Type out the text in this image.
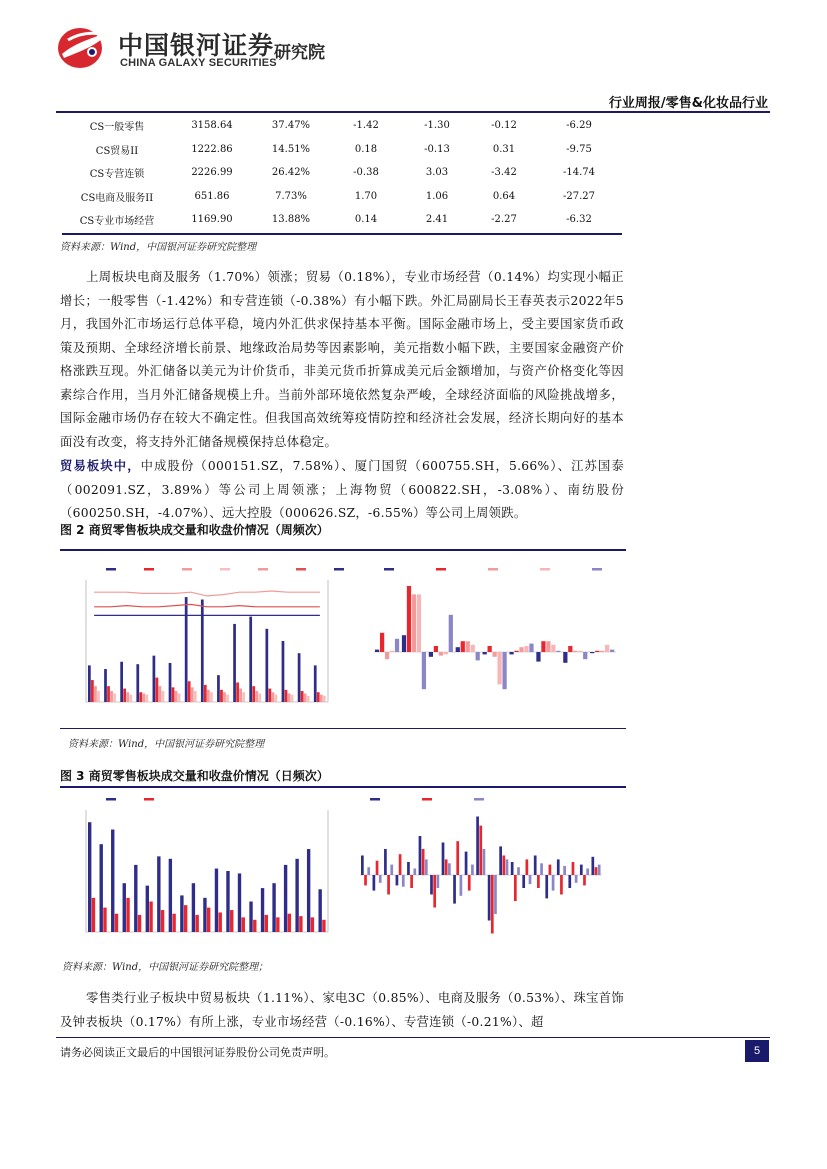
中国银河证券
CHINA GALAXY SECURITIES
研究院
行业周报/零售&化妆品行业
CS一般零售	3158.64	37.47%	-1.42	-1.30	-0.12	-6.29
CS贸易II	1222.86	14.51%	0.18	-0.13	0.31	-9.75
CS专营连锁	2226.99	26.42%	-0.38	3.03	-3.42	-14.74
CS电商及服务II	651.86	7.73%	1.70	1.06	0.64	-27.27
CS专业市场经营	1169.90	13.88%	0.14	2.41	-2.27	-6.32
资料来源：Wind，中国银河证券研究院整理

上周板块电商及服务（1.70%）领涨；贸易（0.18%），专业市场经营（0.14%）均实现小幅正增长；一般零售（-1.42%）和专营连锁（-0.38%）有小幅下跌。外汇局副局长王春英表示2022年5月，我国外汇市场运行总体平稳，境内外汇供求保持基本平衡。国际金融市场上，受主要国家货币政策及预期、全球经济增长前景、地缘政治局势等因素影响，美元指数小幅下跌，主要国家金融资产价格涨跌互现。外汇储备以美元为计价货币，非美元货币折算成美元后金额增加，与资产价格变化等因素综合作用，当月外汇储备规模上升。当前外部环境依然复杂严峻，全球经济面临的风险挑战增多，国际金融市场仍存在较大不确定性。但我国高效统筹疫情防控和经济社会发展，经济长期向好的基本面没有改变，将支持外汇储备规模保持总体稳定。

贸易板块中，中成股份（000151.SZ，7.58%）、厦门国贸（600755.SH，5.66%）、江苏国泰（002091.SZ，3.89%）等公司上周领涨；上海物贸（600822.SH，-3.08%）、南纺股份（600250.SH，-4.07%）、远大控股（000626.SZ，-6.55%）等公司上周领跌。

图 2 商贸零售板块成交量和收盘价情况（周频次）
资料来源：Wind，中国银河证券研究院整理
图 3 商贸零售板块成交量和收盘价情况（日频次）
资料来源：Wind，中国银河证券研究院整理；

零售类行业子板块中贸易板块（1.11%）、家电3C（0.85%）、电商及服务（0.53%）、珠宝首饰及钟表板块（0.17%）有所上涨，专业市场经营（-0.16%）、专营连锁（-0.21%）、超

请务必阅读正文最后的中国银河证券股份公司免责声明。	5
